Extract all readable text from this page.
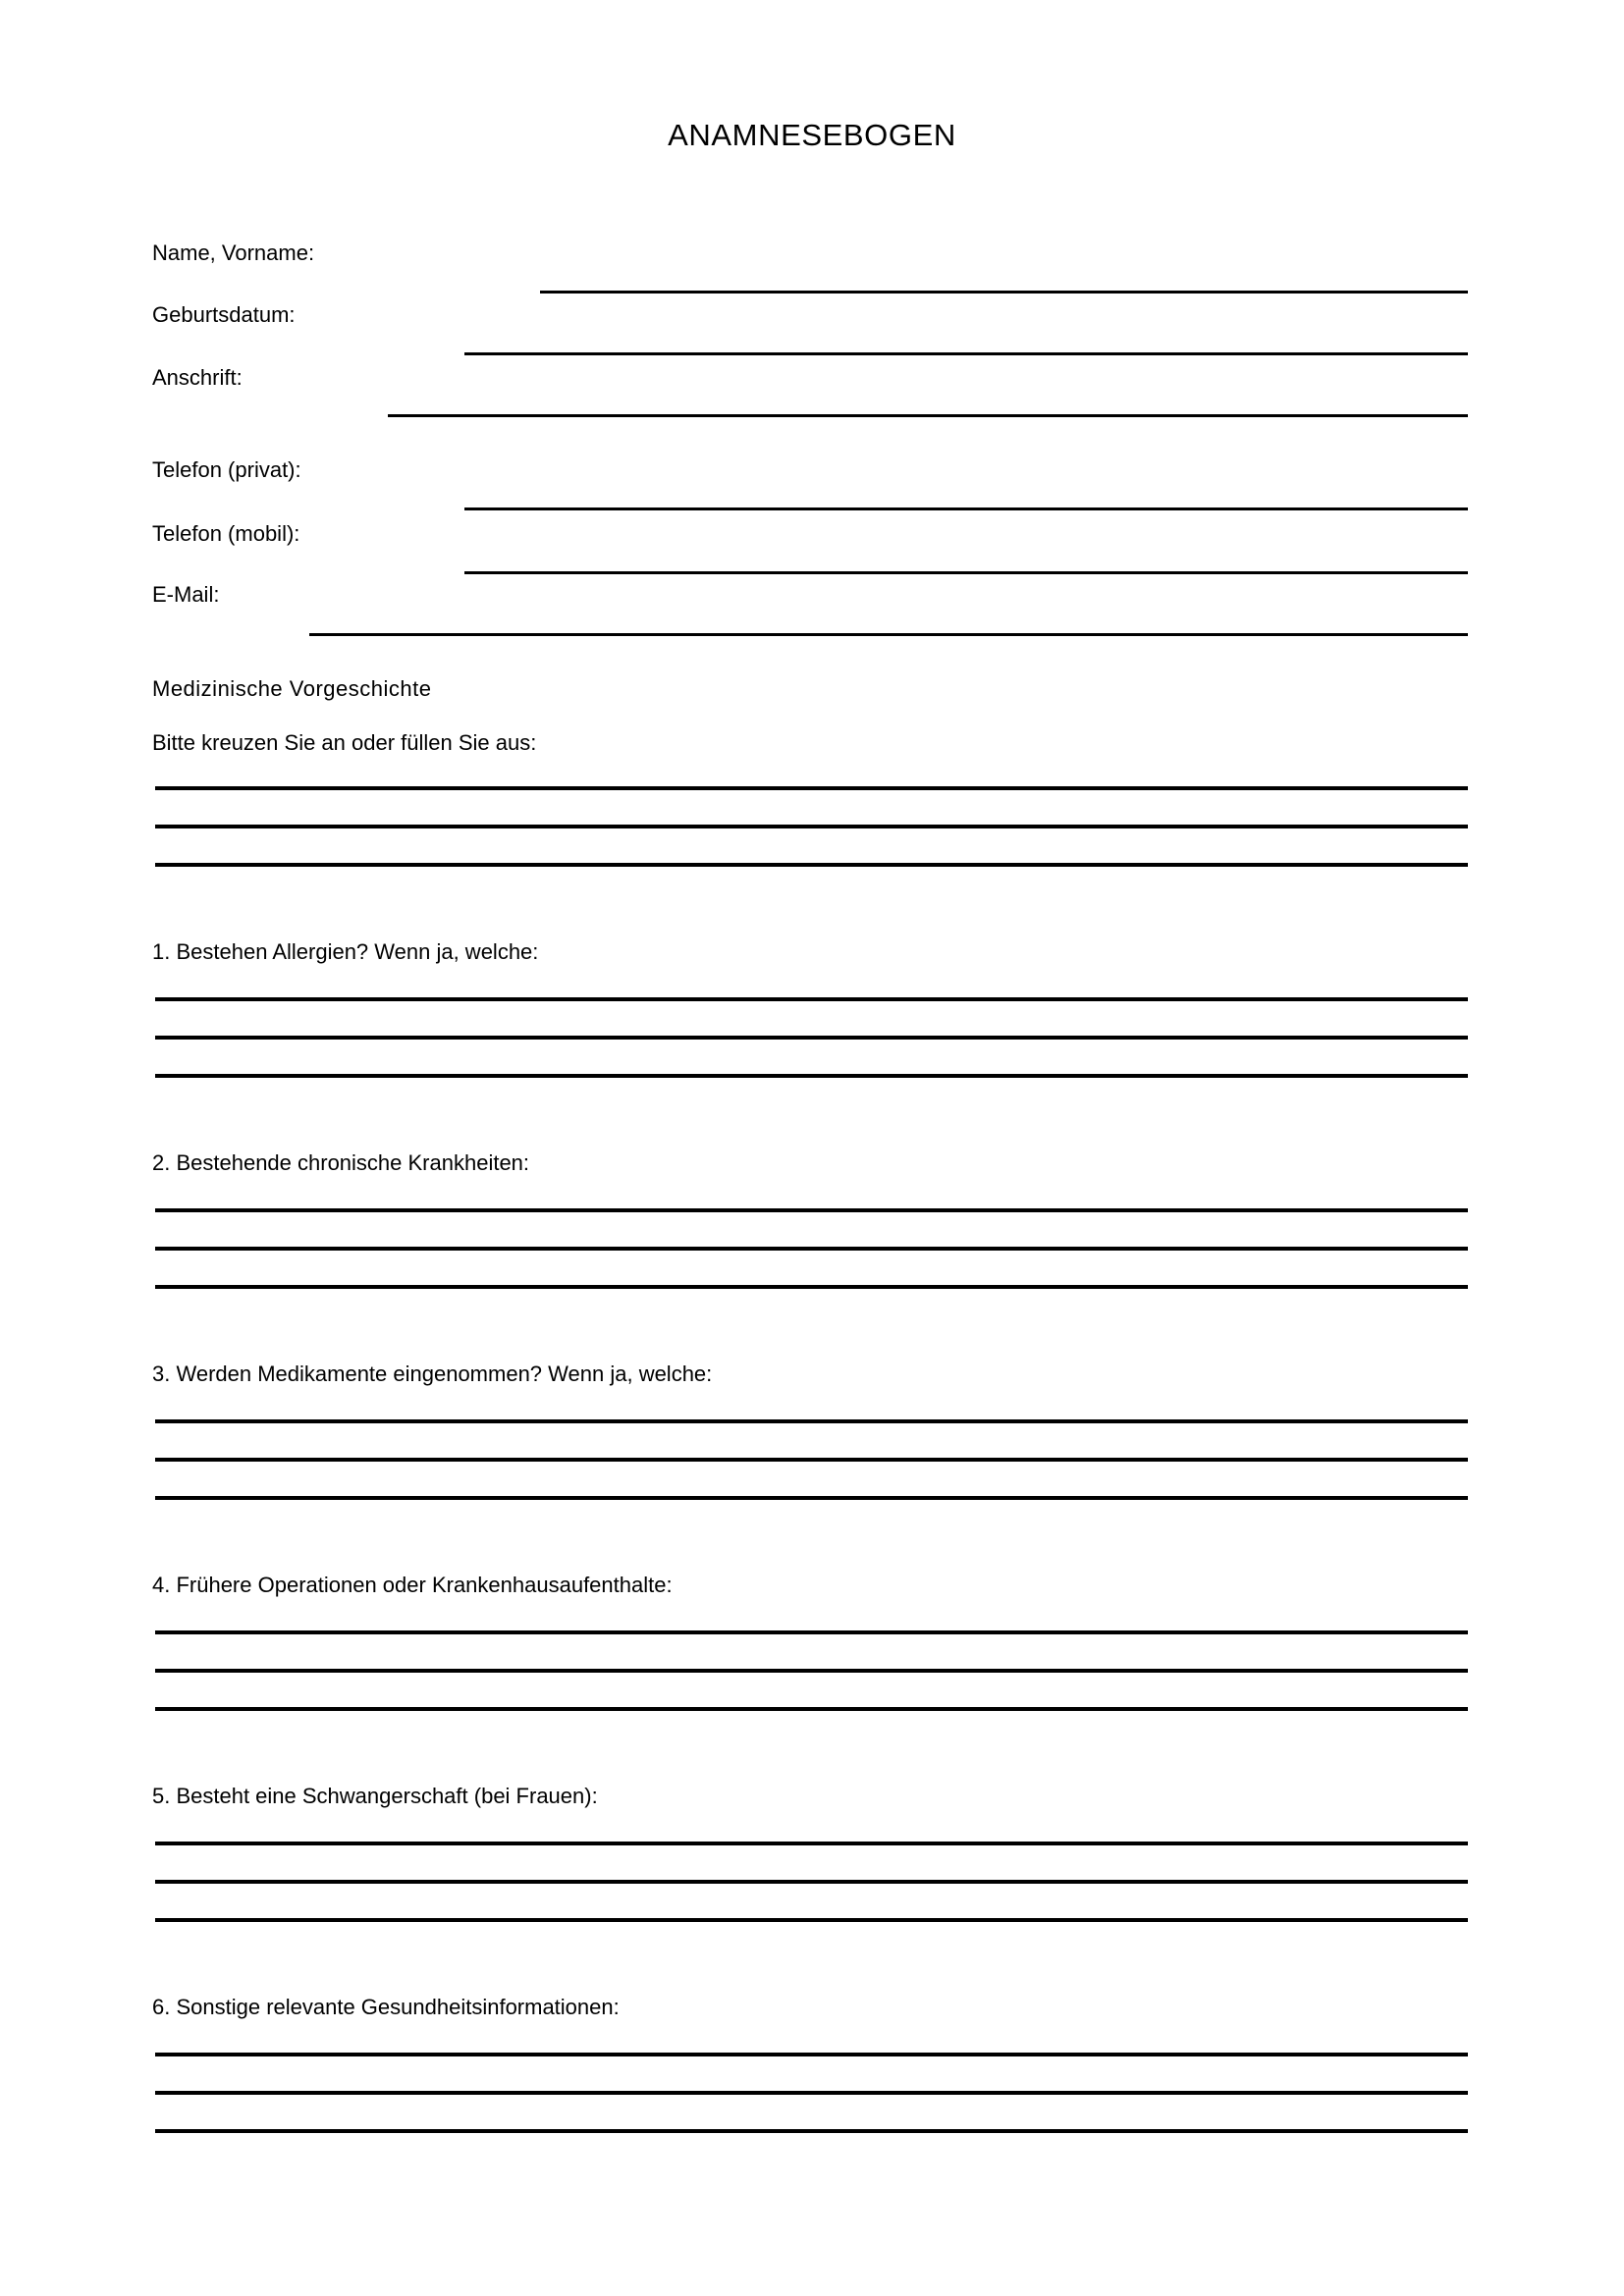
ANAMNESEBOGEN
Name, Vorname:
Geburtsdatum:
Anschrift:
Telefon (privat):
Telefon (mobil):
E-Mail:
Medizinische Vorgeschichte
Bitte kreuzen Sie an oder füllen Sie aus:
1. Bestehen Allergien? Wenn ja, welche:
2. Bestehende chronische Krankheiten:
3. Werden Medikamente eingenommen? Wenn ja, welche:
4. Frühere Operationen oder Krankenhausaufenthalte:
5. Besteht eine Schwangerschaft (bei Frauen):
6. Sonstige relevante Gesundheitsinformationen:
